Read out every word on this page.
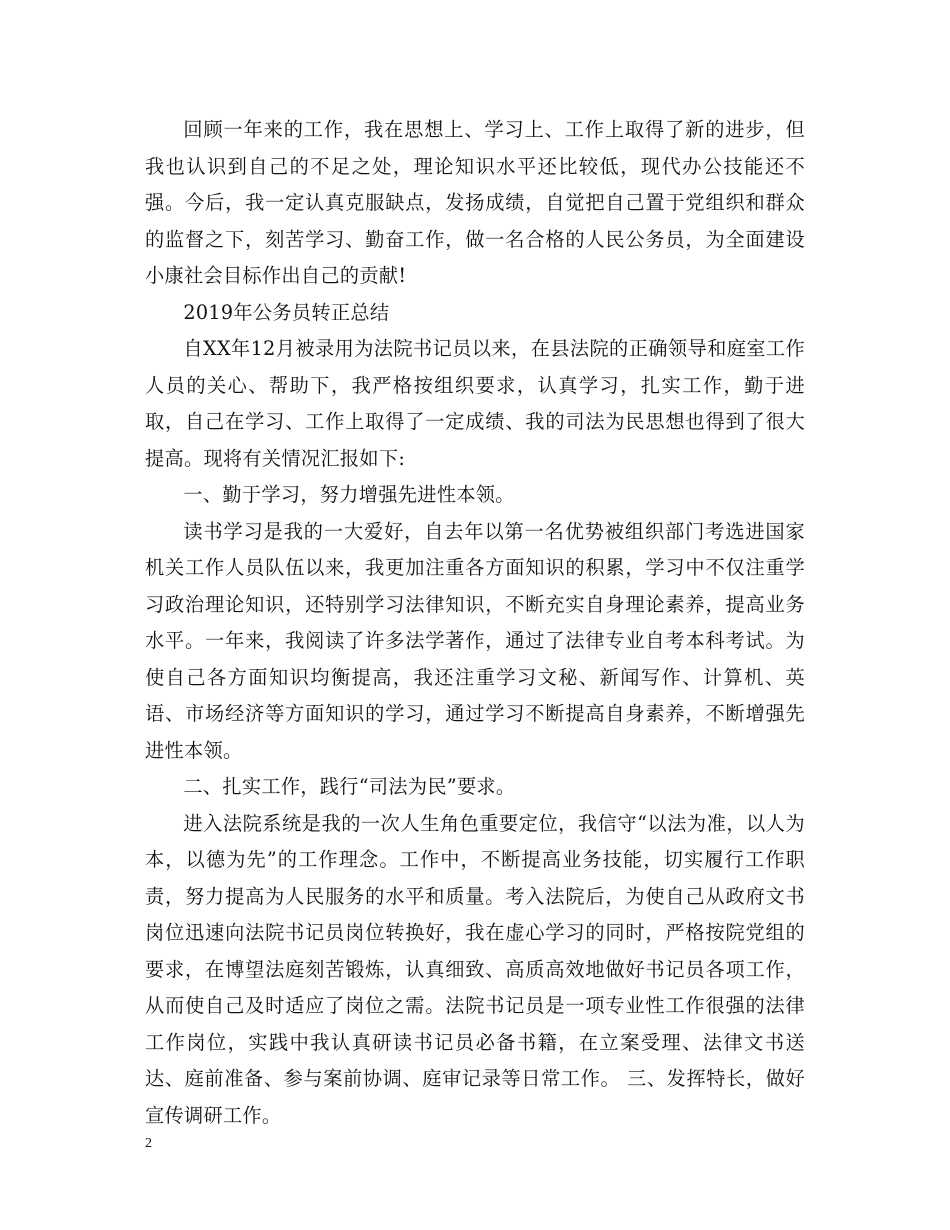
回顾一年来的工作，我在思想上、学习上、工作上取得了新的进步，但我也认识到自己的不足之处，理论知识水平还比较低，现代办公技能还不强。今后，我一定认真克服缺点，发扬成绩，自觉把自己置于党组织和群众的监督之下，刻苦学习、勤奋工作，做一名合格的人民公务员，为全面建设小康社会目标作出自己的贡献!

2019年公务员转正总结

自XX年12月被录用为法院书记员以来，在县法院的正确领导和庭室工作人员的关心、帮助下，我严格按组织要求，认真学习，扎实工作，勤于进取，自己在学习、工作上取得了一定成绩、我的司法为民思想也得到了很大提高。现将有关情况汇报如下:

一、勤于学习，努力增强先进性本领。

读书学习是我的一大爱好，自去年以第一名优势被组织部门考选进国家机关工作人员队伍以来，我更加注重各方面知识的积累，学习中不仅注重学习政治理论知识，还特别学习法律知识，不断充实自身理论素养，提高业务水平。一年来，我阅读了许多法学著作，通过了法律专业自考本科考试。为使自己各方面知识均衡提高，我还注重学习文秘、新闻写作、计算机、英语、市场经济等方面知识的学习，通过学习不断提高自身素养，不断增强先进性本领。

二、扎实工作，践行“司法为民”要求。

进入法院系统是我的一次人生角色重要定位，我信守“以法为准，以人为本，以德为先”的工作理念。工作中，不断提高业务技能，切实履行工作职责，努力提高为人民服务的水平和质量。考入法院后，为使自己从政府文书岗位迅速向法院书记员岗位转换好，我在虚心学习的同时，严格按院党组的要求，在博望法庭刻苦锻炼，认真细致、高质高效地做好书记员各项工作，从而使自己及时适应了岗位之需。法院书记员是一项专业性工作很强的法律工作岗位，实践中我认真研读书记员必备书籍，在立案受理、法律文书送达、庭前准备、参与案前协调、庭审记录等日常工作。 三、发挥特长，做好宣传调研工作。

2
